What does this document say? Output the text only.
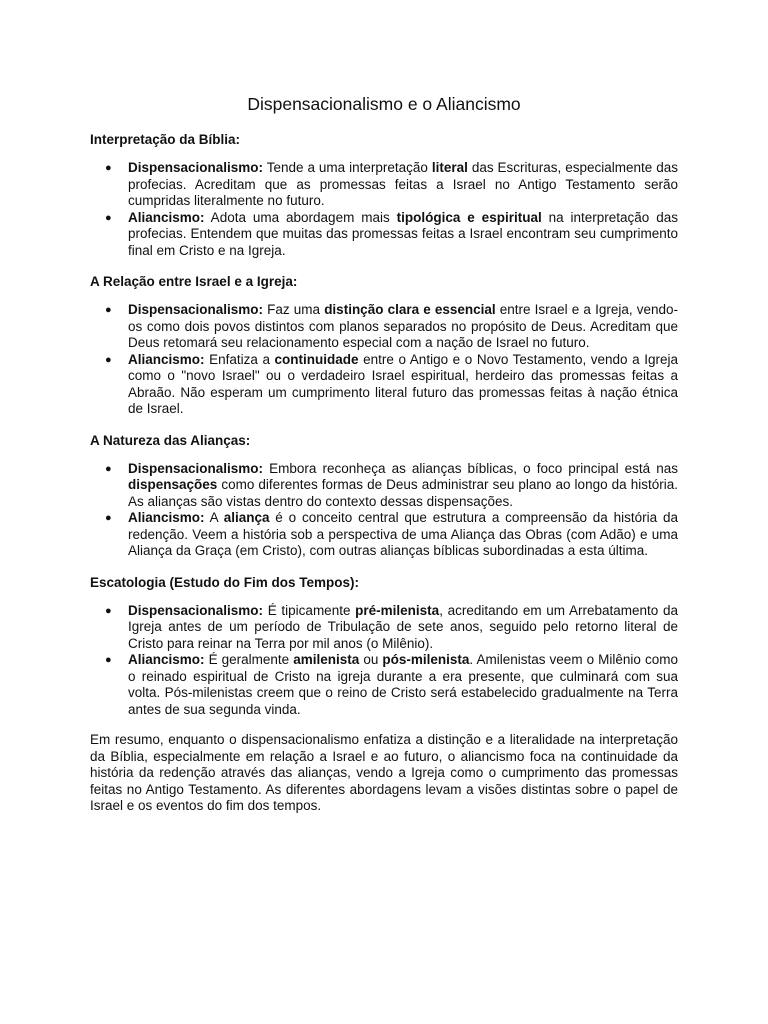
Dispensacionalismo e o Aliancismo
Interpretação da Bíblia:
● Dispensacionalismo: Tende a uma interpretação literal das Escrituras, especialmente das profecias. Acreditam que as promessas feitas a Israel no Antigo Testamento serão cumpridas literalmente no futuro.
● Aliancismo: Adota uma abordagem mais tipológica e espiritual na interpretação das profecias. Entendem que muitas das promessas feitas a Israel encontram seu cumprimento final em Cristo e na Igreja.
A Relação entre Israel e a Igreja:
● Dispensacionalismo: Faz uma distinção clara e essencial entre Israel e a Igreja, vendo-os como dois povos distintos com planos separados no propósito de Deus. Acreditam que Deus retomará seu relacionamento especial com a nação de Israel no futuro.
● Aliancismo: Enfatiza a continuidade entre o Antigo e o Novo Testamento, vendo a Igreja como o "novo Israel" ou o verdadeiro Israel espiritual, herdeiro das promessas feitas a Abraão. Não esperam um cumprimento literal futuro das promessas feitas à nação étnica de Israel.
A Natureza das Alianças:
● Dispensacionalismo: Embora reconheça as alianças bíblicas, o foco principal está nas dispensações como diferentes formas de Deus administrar seu plano ao longo da história. As alianças são vistas dentro do contexto dessas dispensações.
● Aliancismo: A aliança é o conceito central que estrutura a compreensão da história da redenção. Veem a história sob a perspectiva de uma Aliança das Obras (com Adão) e uma Aliança da Graça (em Cristo), com outras alianças bíblicas subordinadas a esta última.
Escatologia (Estudo do Fim dos Tempos):
● Dispensacionalismo: É tipicamente pré-milenista, acreditando em um Arrebatamento da Igreja antes de um período de Tribulação de sete anos, seguido pelo retorno literal de Cristo para reinar na Terra por mil anos (o Milênio).
● Aliancismo: É geralmente amilenista ou pós-milenista. Amilenistas veem o Milênio como o reinado espiritual de Cristo na igreja durante a era presente, que culminará com sua volta. Pós-milenistas creem que o reino de Cristo será estabelecido gradualmente na Terra antes de sua segunda vinda.

Em resumo, enquanto o dispensacionalismo enfatiza a distinção e a literalidade na interpretação da Bíblia, especialmente em relação a Israel e ao futuro, o aliancismo foca na continuidade da história da redenção através das alianças, vendo a Igreja como o cumprimento das promessas feitas no Antigo Testamento. As diferentes abordagens levam a visões distintas sobre o papel de Israel e os eventos do fim dos tempos.
